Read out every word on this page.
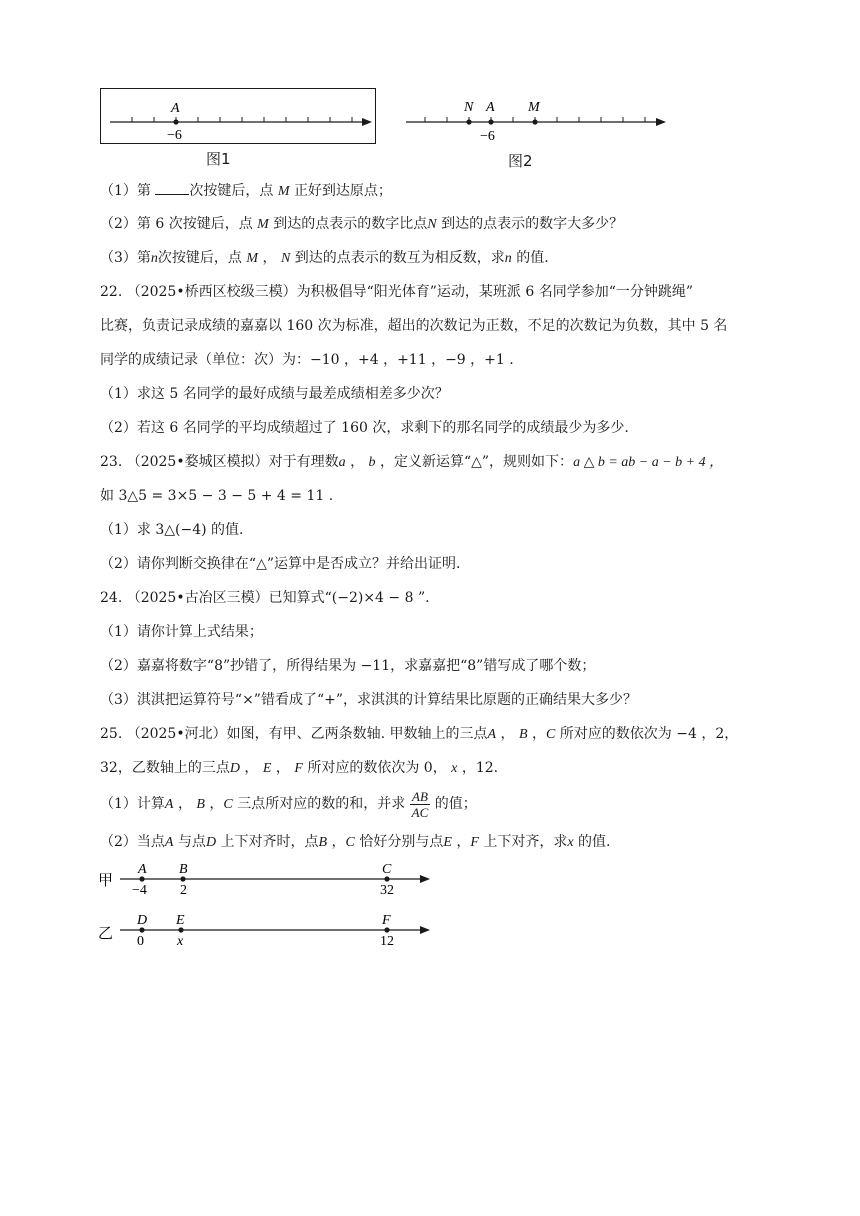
A
−6
图1
N A M
−6
图2
（1）第 次按键后，点 M 正好到达原点；
（2）第 6 次按键后，点 M 到达的点表示的数字比点N 到达的点表示的数字大多少？
（3）第n次按键后，点 M ， N 到达的点表示的数互为相反数，求n 的值.
22. （2025•桥西区校级三模）为积极倡导“阳光体育”运动，某班派 6 名同学参加“一分钟跳绳”
比赛，负责记录成绩的嘉嘉以 160 次为标准，超出的次数记为正数，不足的次数记为负数，其中 5 名
同学的成绩记录（单位：次）为：−10 ，+4 ，+11 ，−9 ，+1 .
（1）求这 5 名同学的最好成绩与最差成绩相差多少次？
（2）若这 6 名同学的平均成绩超过了 160 次，求剩下的那名同学的成绩最少为多少.
23. （2025•婺城区模拟）对于有理数a ， b ，定义新运算“△”，规则如下：a △ b = ab − a − b + 4 ，
如 3△5 = 3×5 − 3 − 5 + 4 = 11 .
（1）求 3△(−4) 的值.
（2）请你判断交换律在“△”运算中是否成立？并给出证明.
24. （2025•古冶区三模）已知算式“(−2)×4 − 8 ”.
（1）请你计算上式结果；
（2）嘉嘉将数字“8”抄错了，所得结果为 −11，求嘉嘉把“8”错写成了哪个数；
（3）淇淇把运算符号“×”错看成了“+”，求淇淇的计算结果比原题的正确结果大多少？
25. （2025•河北）如图，有甲、乙两条数轴. 甲数轴上的三点A ， B ，C 所对应的数依次为 −4 ，2，
32，乙数轴上的三点D ， E ， F 所对应的数依次为 0， x ，12.
（1）计算A ， B ，C 三点所对应的数的和，并求 $\frac{AB}{AC}$ 的值；
（2）当点A 与点D 上下对齐时，点B ，C 恰好分别与点E ，F 上下对齐，求x 的值.
甲
A B	C
−4 2	32
乙
D E	F
0 x	12
